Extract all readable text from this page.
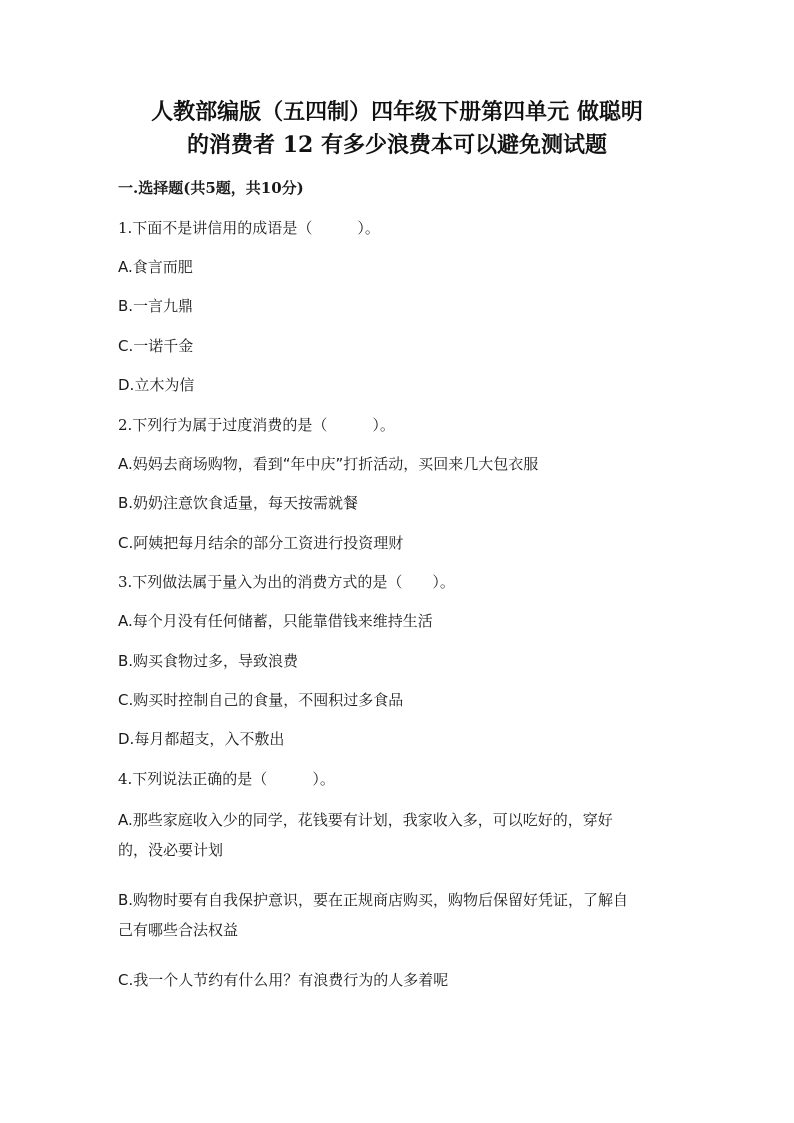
人教部编版（五四制）四年级下册第四单元 做聪明
的消费者 12 有多少浪费本可以避免测试题
一.选择题(共5题，共10分)
1.下面不是讲信用的成语是（　　　）。
A.食言而肥
B.一言九鼎
C.一诺千金
D.立木为信
2.下列行为属于过度消费的是（　　　）。
A.妈妈去商场购物，看到“年中庆”打折活动，买回来几大包衣服
B.奶奶注意饮食适量，每天按需就餐
C.阿姨把每月结余的部分工资进行投资理财
3.下列做法属于量入为出的消费方式的是（　　）。
A.每个月没有任何储蓄，只能靠借钱来维持生活
B.购买食物过多，导致浪费
C.购买时控制自己的食量，不囤积过多食品
D.每月都超支，入不敷出
4.下列说法正确的是（　　　）。
A.那些家庭收入少的同学，花钱要有计划，我家收入多，可以吃好的，穿好
的，没必要计划
B.购物时要有自我保护意识，要在正规商店购买，购物后保留好凭证，了解自
己有哪些合法权益
C.我一个人节约有什么用？有浪费行为的人多着呢
